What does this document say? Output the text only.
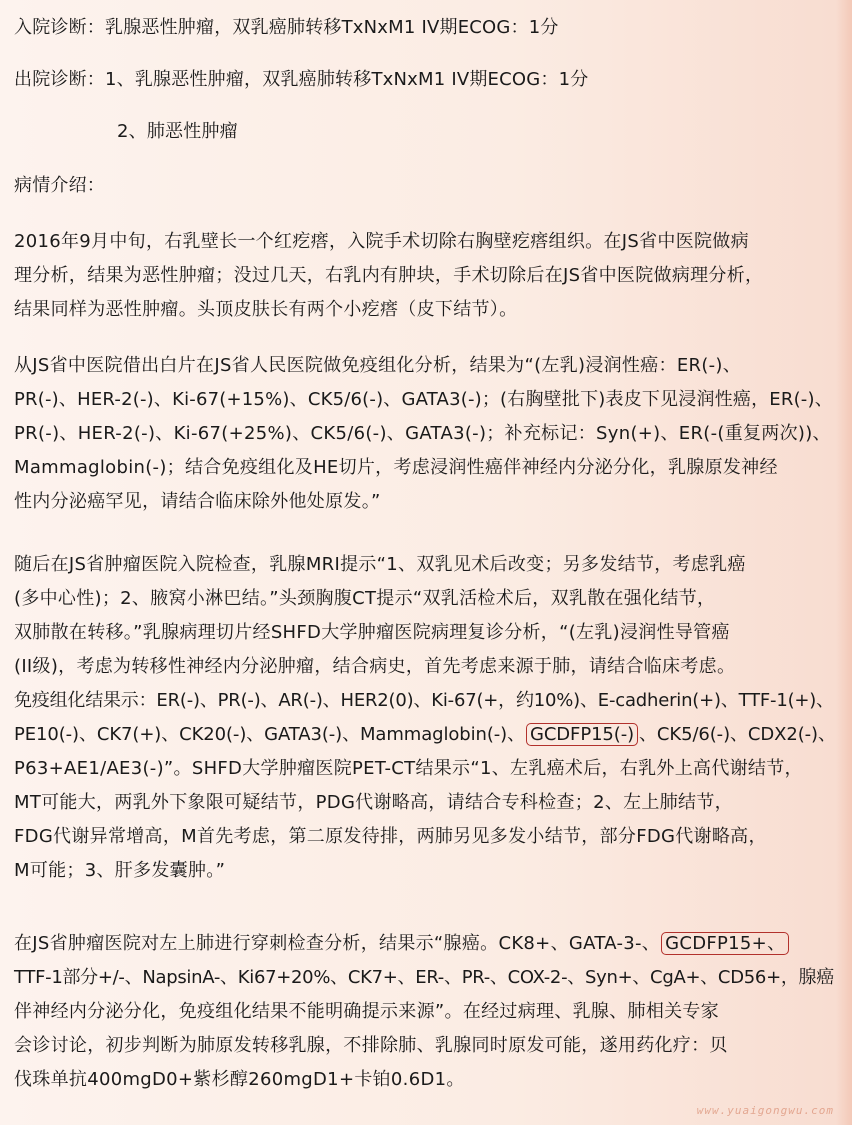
入院诊断：乳腺恶性肿瘤，双乳癌肺转移TxNxM1 IV期ECOG：1分
出院诊断：1、乳腺恶性肿瘤，双乳癌肺转移TxNxM1 IV期ECOG：1分
2、肺恶性肿瘤
病情介绍：
2016年9月中旬，右乳壁长一个红疙瘩，入院手术切除右胸壁疙瘩组织。在JS省中医院做病
理分析，结果为恶性肿瘤；没过几天，右乳内有肿块，手术切除后在JS省中医院做病理分析，
结果同样为恶性肿瘤。头顶皮肤长有两个小疙瘩（皮下结节）。
从JS省中医院借出白片在JS省人民医院做免疫组化分析，结果为“(左乳)浸润性癌：ER(-)、
PR(-)、HER-2(-)、Ki-67(+15%)、CK5/6(-)、GATA3(-)；(右胸壁批下)表皮下见浸润性癌，ER(-)、
PR(-)、HER-2(-)、Ki-67(+25%)、CK5/6(-)、GATA3(-)；补充标记：Syn(+)、ER(-(重复两次))、
Mammaglobin(-)；结合免疫组化及HE切片，考虑浸润性癌伴神经内分泌分化，乳腺原发神经
性内分泌癌罕见，请结合临床除外他处原发。”
随后在JS省肿瘤医院入院检查，乳腺MRI提示“1、双乳见术后改变；另多发结节，考虑乳癌
(多中心性)；2、腋窝小淋巴结。”头颈胸腹CT提示“双乳活检术后，双乳散在强化结节，
双肺散在转移。”乳腺病理切片经SHFD大学肿瘤医院病理复诊分析，“(左乳)浸润性导管癌
(II级)，考虑为转移性神经内分泌肿瘤，结合病史，首先考虑来源于肺，请结合临床考虑。
免疫组化结果示：ER(-)、PR(-)、AR(-)、HER2(0)、Ki-67(+，约10%)、E-cadherin(+)、TTF-1(+)、
PE10(-)、CK7(+)、CK20(-)、GATA3(-)、Mammaglobin(-)、 GCDFP15(-) 、CK5/6(-)、CDX2(-)、
P63+AE1/AE3(-)”。SHFD大学肿瘤医院PET-CT结果示“1、左乳癌术后，右乳外上高代谢结节，
MT可能大，两乳外下象限可疑结节，PDG代谢略高，请结合专科检查；2、左上肺结节，
FDG代谢异常增高，M首先考虑，第二原发待排，两肺另见多发小结节，部分FDG代谢略高，
M可能；3、肝多发囊肿。”
在JS省肿瘤医院对左上肺进行穿刺检查分析，结果示“腺癌。CK8+、GATA-3-、 GCDFP15+、
TTF-1部分+/-、NapsinA-、Ki67+20%、CK7+、ER-、PR-、COX-2-、Syn+、CgA+、CD56+，腺癌
伴神经内分泌分化，免疫组化结果不能明确提示来源”。在经过病理、乳腺、肺相关专家
会诊讨论，初步判断为肺原发转移乳腺，不排除肺、乳腺同时原发可能，遂用药化疗：贝
伐珠单抗400mgD0+紫杉醇260mgD1+卡铂0.6D1。
www.yuaigongwu.com
